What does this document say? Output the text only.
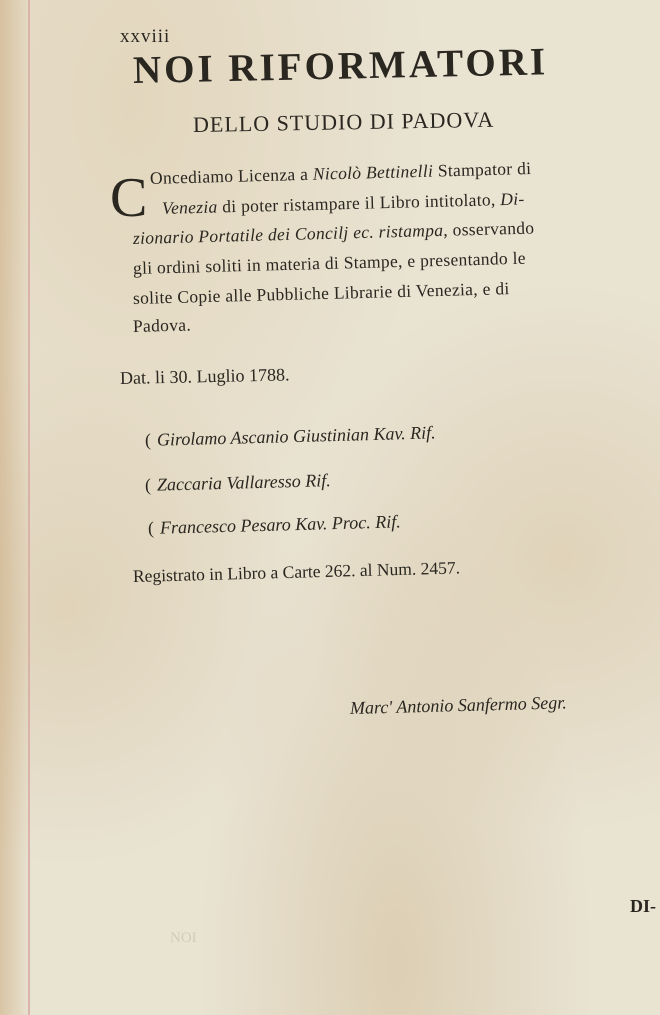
xxviii
NOI RIFORMATORI
DELLO STUDIO DI PADOVA
C Oncediamo Licenza a Nicolò Bettinelli Stampator di
Venezia di poter ristampare il Libro intitolato, Di-
zionario Portatile dei Concilj ec. ristampa, osservando
gli ordini soliti in materia di Stampe, e presentando le
solite Copie alle Pubbliche Librarie di Venezia, e di
Padova.
Dat. li 30. Luglio 1788.
( Girolamo Ascanio Giustinian Kav. Rif.
( Zaccaria Vallaresso Rif.
( Francesco Pesaro Kav. Proc. Rif.
Registrato in Libro a Carte 262. al Num. 2457.
Marc' Antonio Sanfermo Segr.
DI-
NOI
